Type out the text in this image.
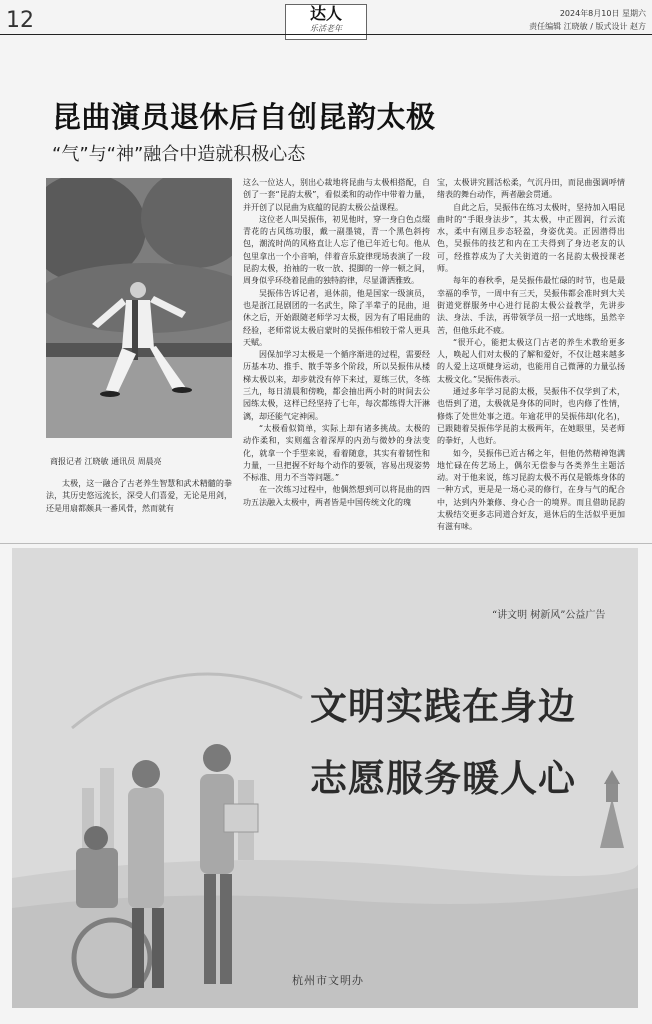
12	达人
乐活老年
2024年8月10日 星期六
责任编辑 江晓敏 / 版式设计 赵方
昆曲演员退休后自创昆韵太极
“气”与“神”融合中造就积极心态
商报记者 江晓敏 通讯员 周晨亮

太极，这一融合了古老养生智慧和武术精髓的拳法，其历史悠远流长，深受人们喜爱，无论是用剑，还是用扇都颇具一番风骨，然而就有

这么一位达人，别出心裁地将昆曲与太极相搭配，自创了一套“昆韵太极”，看似柔和的动作中带着力量，并开创了以昆曲为底蕴的昆韵太极公益课程。

这位老人叫吴振伟，初见他时，穿一身白色点缀青花的古风练功服，戴一副墨镜，青一个黑色斜挎包，潮流时尚的风格直让人忘了他已年近七旬。他从包里拿出一个小音响，伴着音乐旋律现场表演了一段昆韵太极，抬袖的一收一放、提脚的一停一顿之间，周身似乎环绕着昆曲的独特韵律，尽显潇洒雅致。

吴振伟告诉记者，退休前，他是国家一级演员，也是浙江昆剧团的一名武生，除了半辈子的昆曲，退休之后，开始跟随老师学习太极，因为有了唱昆曲的经验，老师常说太极启蒙时的吴振伟相较于常人更具天赋。

因保加学习太极是一个循序渐进的过程，需要经历基本功、推手、散手等多个阶段，所以吴振伟从楼梯太极以来，却步就没有停下来过，夏练三伏，冬练三九，每日清晨和傍晚，都会抽出两小时的时间去公园练太极，这样已经坚持了七年，每次都练得大汗淋漓，却还能气定神闲。

“太极看似简单，实际上却有诸多挑战。太极的动作柔和，实则蕴含着深厚的内劲与微妙的身法变化，就拿一个手型来说，看着随意，其实有着韧性和力量，一旦把握不好每个动作的要领，容易出现姿势不标准、用力不当等问题。”

在一次练习过程中，他偶然想到可以将昆曲的四功五法融入太极中，两者皆是中国传统文化的瑰

宝，太极讲究圆活松柔，气沉丹田，而昆曲强调呼情绪表的舞台动作，两者融会贯通。

自此之后，吴振伟在练习太极时，坚持加入唱昆曲时的“手眼身法步”，其太极，中正圆润，行云流水，柔中有刚且步态轻盈，身姿优美。正因潜得出色，吴振伟的技艺和内在工夫得到了身边老友的认可，经推荐成为了大关街道的一名昆韵太极授课老师。

每年的春秋季，是吴振伟最忙碌的时节，也是最幸福的季节，一周中有三天，吴振伟都会准时到大关街道党群服务中心进行昆韵太极公益教学，先讲步法、身法、手法，再带领学员一招一式地练，虽然辛苦，但他乐此不疲。

“很开心，能把太极这门古老的养生术教给更多人，唤起人们对太极的了解和爱好，不仅让越来越多的人爱上这项健身运动，也能用自己微薄的力量弘扬太极文化。”吴振伟表示。

通过多年学习昆韵太极，吴振伟不仅学到了术，也悟到了道，太极就是身体的同时，也内修了性情，修炼了处世处事之道。年逾花甲的吴振伟却(化名)，已跟随着吴振伟学昆韵太极两年，在她眼里，吴老师的拳好，人也好。

如今，吴振伟已近古稀之年，但他仍然精神饱满地忙碌在传艺场上，偶尔无偿参与各类养生主题活动。对于他来说，练习昆韵太极不再仅是锻炼身体的一种方式，更是是一场心灵的修行，在身与气的配合中，达到内外兼修、身心合一的境界。而且借助昆韵太极结交更多志同道合好友，退休后的生活似乎更加有滋有味。

“讲文明 树新风”公益广告
文明实践在身边
志愿服务暖人心
杭州市文明办
